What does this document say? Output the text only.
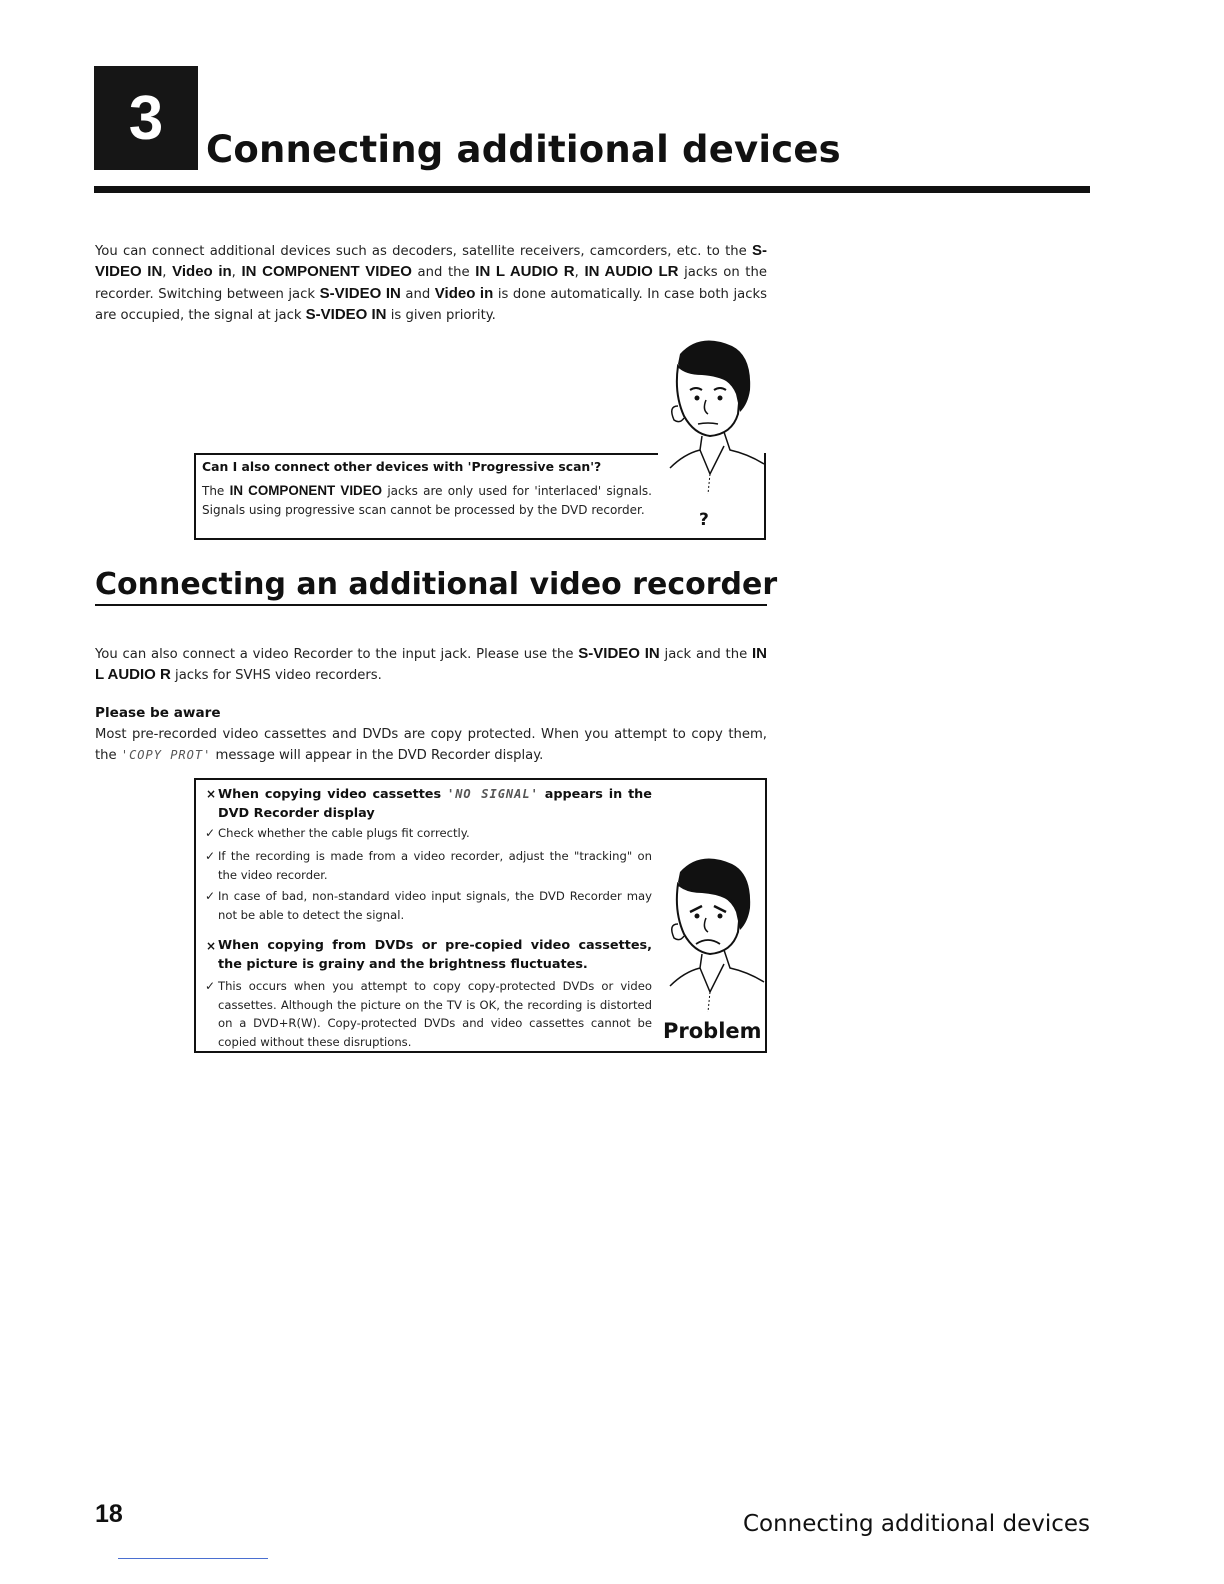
3 Connecting additional devices
You can connect additional devices such as decoders, satellite receivers, camcorders, etc. to the S-VIDEO IN, Video in, IN COMPONENT VIDEO and the IN L AUDIO R, IN AUDIO LR jacks on the recorder. Switching between jack S-VIDEO IN and Video in is done automatically. In case both jacks are occupied, the signal at jack S-VIDEO IN is given priority.
Can I also connect other devices with 'Progressive scan'?
The IN COMPONENT VIDEO jacks are only used for 'interlaced' signals. Signals using progressive scan cannot be processed by the DVD recorder.
?
Connecting an additional video recorder
You can also connect a video Recorder to the input jack. Please use the S-VIDEO IN jack and the IN L AUDIO R jacks for SVHS video recorders.
Please be aware
Most pre-recorded video cassettes and DVDs are copy protected. When you attempt to copy them, the 'COPY PROT' message will appear in the DVD Recorder display.
× When copying video cassettes 'NO SIGNAL' appears in the DVD Recorder display
✓ Check whether the cable plugs fit correctly.
✓ If the recording is made from a video recorder, adjust the "tracking" on the video recorder.
✓ In case of bad, non-standard video input signals, the DVD Recorder may not be able to detect the signal.
× When copying from DVDs or pre-copied video cassettes, the picture is grainy and the brightness fluctuates.
✓ This occurs when you attempt to copy copy-protected DVDs or video cassettes. Although the picture on the TV is OK, the recording is distorted on a DVD+R(W). Copy-protected DVDs and video cassettes cannot be copied without these disruptions.	Problem
18	Connecting additional devices
